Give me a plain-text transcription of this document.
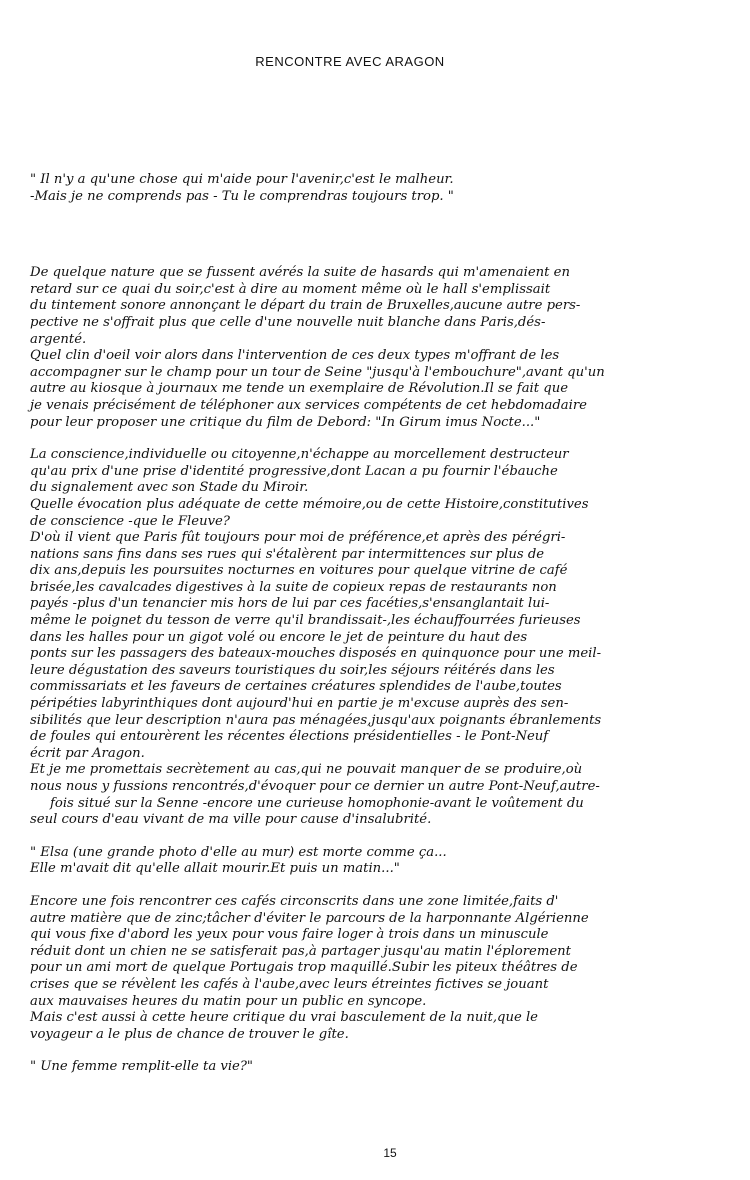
RENCONTRE AVEC ARAGON

" Il n'y a qu'une chose qui m'aide pour l'avenir,c'est le malheur.

-Mais je ne comprends pas - Tu le comprendras toujours trop. "

De quelque nature que se fussent avérés la suite de hasards qui m'amenaient en

retard sur ce quai du soir,c'est à dire au moment même où le hall s'emplissait

du tintement sonore annonçant le départ du train de Bruxelles,aucune autre pers-

pective ne s'offrait plus que celle d'une nouvelle nuit blanche dans Paris,dés-

argenté.

Quel clin d'oeil voir alors dans l'intervention de ces deux types m'offrant de les

accompagner sur le champ pour un tour de Seine "jusqu'à l'embouchure",avant qu'un

autre au kiosque à journaux me tende un exemplaire de Révolution.Il se fait que

je venais précisément de téléphoner aux services compétents de cet hebdomadaire

pour leur proposer une critique du film de Debord: "In Girum imus Nocte..."

La conscience,individuelle ou citoyenne,n'échappe au morcellement destructeur

qu'au prix d'une prise d'identité progressive,dont Lacan a pu fournir l'ébauche

du signalement avec son Stade du Miroir.

Quelle évocation plus adéquate de cette mémoire,ou de cette Histoire,constitutives

de conscience -que le Fleuve?

D'où il vient que Paris fût toujours pour moi de préférence,et après des pérégri-

nations sans fins dans ses rues qui s'étalèrent par intermittences sur plus de

dix ans,depuis les poursuites nocturnes en voitures pour quelque vitrine de café

brisée,les cavalcades digestives à la suite de copieux repas de restaurants non

payés -plus d'un tenancier mis hors de lui par ces facéties,s'ensanglantait lui-

même le poignet du tesson de verre qu'il brandissait-,les échauffourrées furieuses

dans les halles pour un gigot volé ou encore le jet de peinture du haut des

ponts sur les passagers des bateaux-mouches disposés en quinquonce pour une meil-

leure dégustation des saveurs touristiques du soir,les séjours réitérés dans les

commissariats et les faveurs de certaines créatures splendides de l'aube,toutes

péripéties labyrinthiques dont aujourd'hui en partie je m'excuse auprès des sen-

sibilités que leur description n'aura pas ménagées,jusqu'aux poignants ébranlements

de foules qui entourèrent les récentes élections présidentielles - le Pont-Neuf

écrit par Aragon.

Et je me promettais secrètement au cas,qui ne pouvait manquer de se produire,où

nous nous y fussions rencontrés,d'évoquer pour ce dernier un autre Pont-Neuf,autre-

fois situé sur la Senne -encore une curieuse homophonie-avant le voûtement du

seul cours d'eau vivant de ma ville pour cause d'insalubrité.

" Elsa (une grande photo d'elle au mur) est morte comme ça...

Elle m'avait dit qu'elle allait mourir.Et puis un matin..."

Encore une fois rencontrer ces cafés circonscrits dans une zone limitée,faits d'

autre matière que de zinc;tâcher d'éviter le parcours de la harponnante Algérienne

qui vous fixe d'abord les yeux pour vous faire loger à trois dans un minuscule

réduit dont un chien ne se satisferait pas,à partager jusqu'au matin l'éplorement

pour un ami mort de quelque Portugais trop maquillé.Subir les piteux théâtres de

crises que se révèlent les cafés à l'aube,avec leurs étreintes fictives se jouant

aux mauvaises heures du matin pour un public en syncope.

Mais c'est aussi à cette heure critique du vrai basculement de la nuit,que le

voyageur a le plus de chance de trouver le gîte.

" Une femme remplit-elle ta vie?"

15
